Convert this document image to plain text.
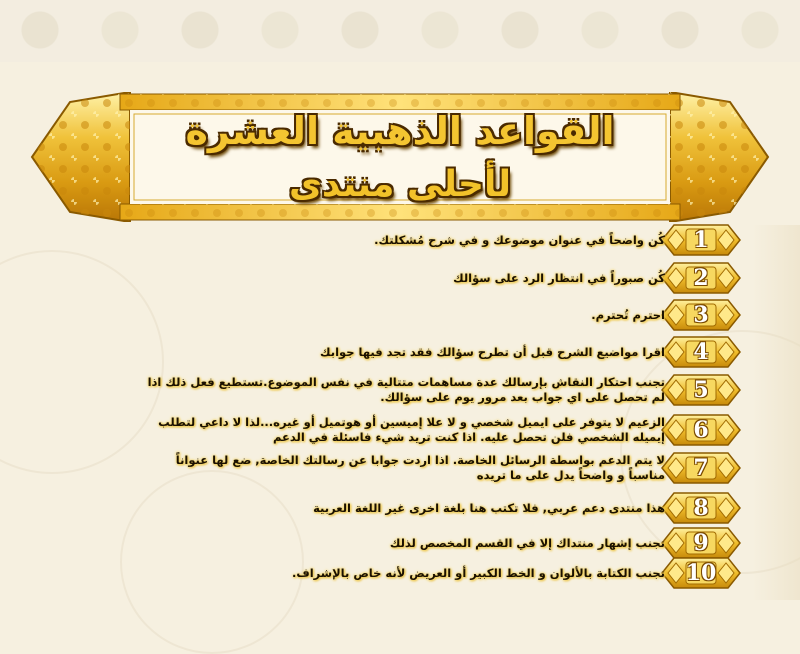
القواعد الذهبية العشرة
لأحلى منتدى
1
كُن واضحاً في عنوان موضوعك و في شرح مُشكلتك.
2
كُن صبوراً في انتظار الرد على سؤالك
3
احترم تُحترم.
4
اقرا مواضيع الشرح قبل أن تطرح سؤالك فقد تجد فيها جوابك
5
تجنب احتكار النقاش بإرسالك عدة مساهمات متتالية في نفس الموضوع.تستطيع فعل ذلك اذا لم تحصل على اي جواب بعد مرور يوم على سؤالك.
6
الزعيم لا يتوفر على ايميل شخصي و لا علا إميسين أو هوتميل أو غيره...لذا لا داعي لتطلب إيميله الشخصي فلن تحصل عليه. اذا كنت تريد شيء فاسئلة في الدعم
7
لا يتم الدعم بواسطة الرسائل الخاصة. اذا اردت جوابا عن رسالتك الخاصة, ضع لها عنواناً مناسباً و واضحاً يدل على ما تريده
8
هذا منتدى دعم عربي, فلا تكتب هنا بلغة اخرى غير اللغة العربية
9
تجنب إشهار منتداك إلا في القسم المخصص لذلك
10
تجنب الكتابة بالألوان و الخط الكبير أو العريض لأنه خاص بالإشراف.
